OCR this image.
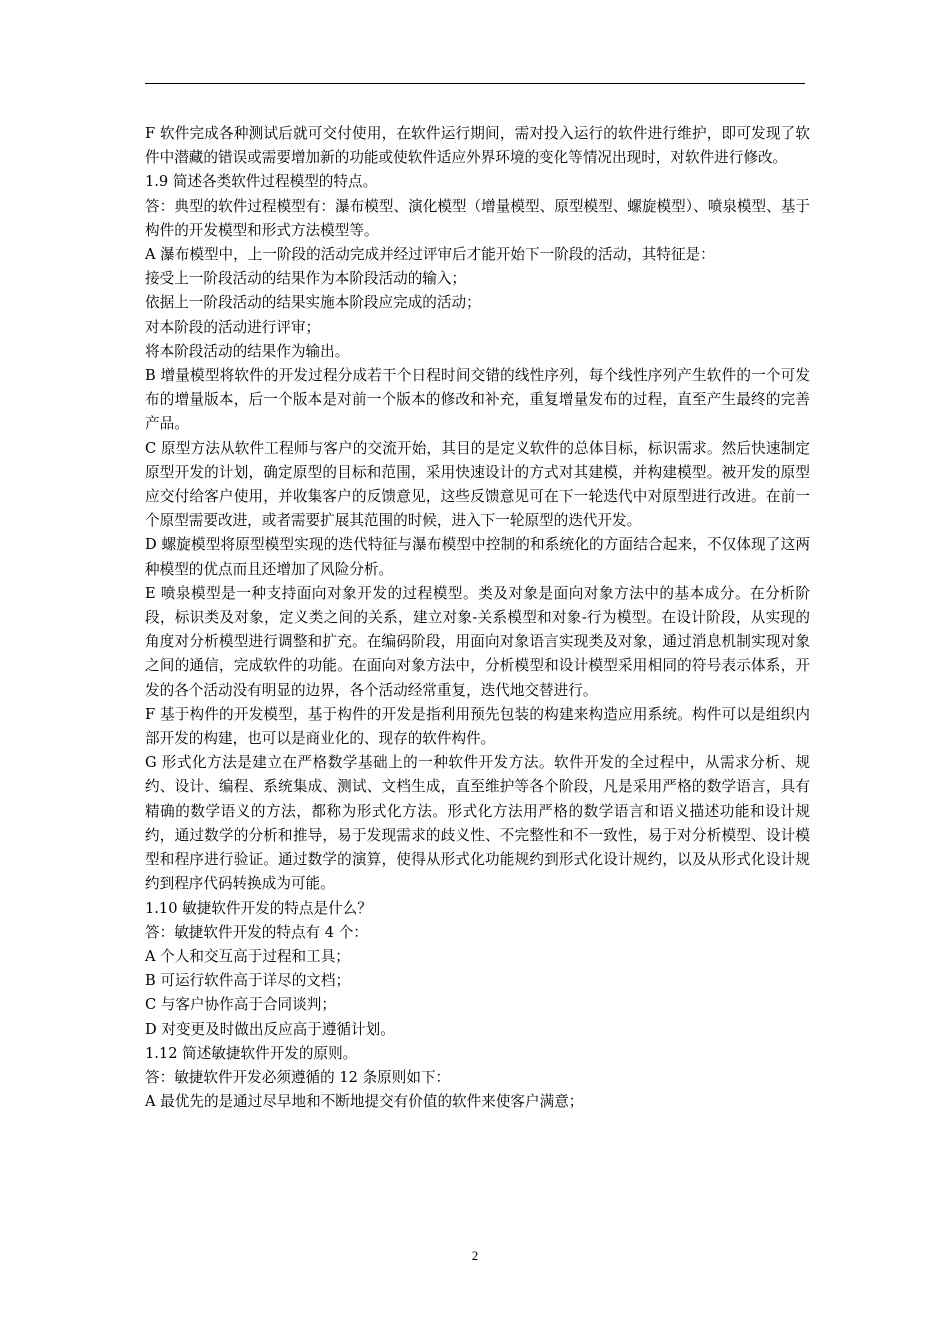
F 软件完成各种测试后就可交付使用，在软件运行期间，需对投入运行的软件进行维护，即可发现了软件中潜藏的错误或需要增加新的功能或使软件适应外界环境的变化等情况出现时，对软件进行修改。

1.9 简述各类软件过程模型的特点。

答：典型的软件过程模型有：瀑布模型、演化模型（增量模型、原型模型、螺旋模型）、喷泉模型、基于构件的开发模型和形式方法模型等。

A 瀑布模型中，上一阶段的活动完成并经过评审后才能开始下一阶段的活动，其特征是：

接受上一阶段活动的结果作为本阶段活动的输入；

依据上一阶段活动的结果实施本阶段应完成的活动；

对本阶段的活动进行评审；

将本阶段活动的结果作为输出。

B 增量模型将软件的开发过程分成若干个日程时间交错的线性序列，每个线性序列产生软件的一个可发布的增量版本，后一个版本是对前一个版本的修改和补充，重复增量发布的过程，直至产生最终的完善产品。

C 原型方法从软件工程师与客户的交流开始，其目的是定义软件的总体目标，标识需求。然后快速制定原型开发的计划，确定原型的目标和范围，采用快速设计的方式对其建模，并构建模型。被开发的原型应交付给客户使用，并收集客户的反馈意见，这些反馈意见可在下一轮迭代中对原型进行改进。在前一个原型需要改进，或者需要扩展其范围的时候，进入下一轮原型的迭代开发。

D 螺旋模型将原型模型实现的迭代特征与瀑布模型中控制的和系统化的方面结合起来，不仅体现了这两种模型的优点而且还增加了风险分析。

E 喷泉模型是一种支持面向对象开发的过程模型。类及对象是面向对象方法中的基本成分。在分析阶段，标识类及对象，定义类之间的关系，建立对象-关系模型和对象-行为模型。在设计阶段，从实现的角度对分析模型进行调整和扩充。在编码阶段，用面向对象语言实现类及对象，通过消息机制实现对象之间的通信，完成软件的功能。在面向对象方法中，分析模型和设计模型采用相同的符号表示体系，开发的各个活动没有明显的边界，各个活动经常重复，迭代地交替进行。

F 基于构件的开发模型，基于构件的开发是指利用预先包装的构建来构造应用系统。构件可以是组织内部开发的构建，也可以是商业化的、现存的软件构件。

G 形式化方法是建立在严格数学基础上的一种软件开发方法。软件开发的全过程中，从需求分析、规约、设计、编程、系统集成、测试、文档生成，直至维护等各个阶段，凡是采用严格的数学语言，具有精确的数学语义的方法，都称为形式化方法。形式化方法用严格的数学语言和语义描述功能和设计规约，通过数学的分析和推导，易于发现需求的歧义性、不完整性和不一致性，易于对分析模型、设计模型和程序进行验证。通过数学的演算，使得从形式化功能规约到形式化设计规约，以及从形式化设计规约到程序代码转换成为可能。

1.10 敏捷软件开发的特点是什么？

答：敏捷软件开发的特点有 4 个：

A 个人和交互高于过程和工具；

B 可运行软件高于详尽的文档；

C 与客户协作高于合同谈判；

D 对变更及时做出反应高于遵循计划。

1.12 简述敏捷软件开发的原则。

答：敏捷软件开发必须遵循的 12 条原则如下：

A 最优先的是通过尽早地和不断地提交有价值的软件来使客户满意；

2
